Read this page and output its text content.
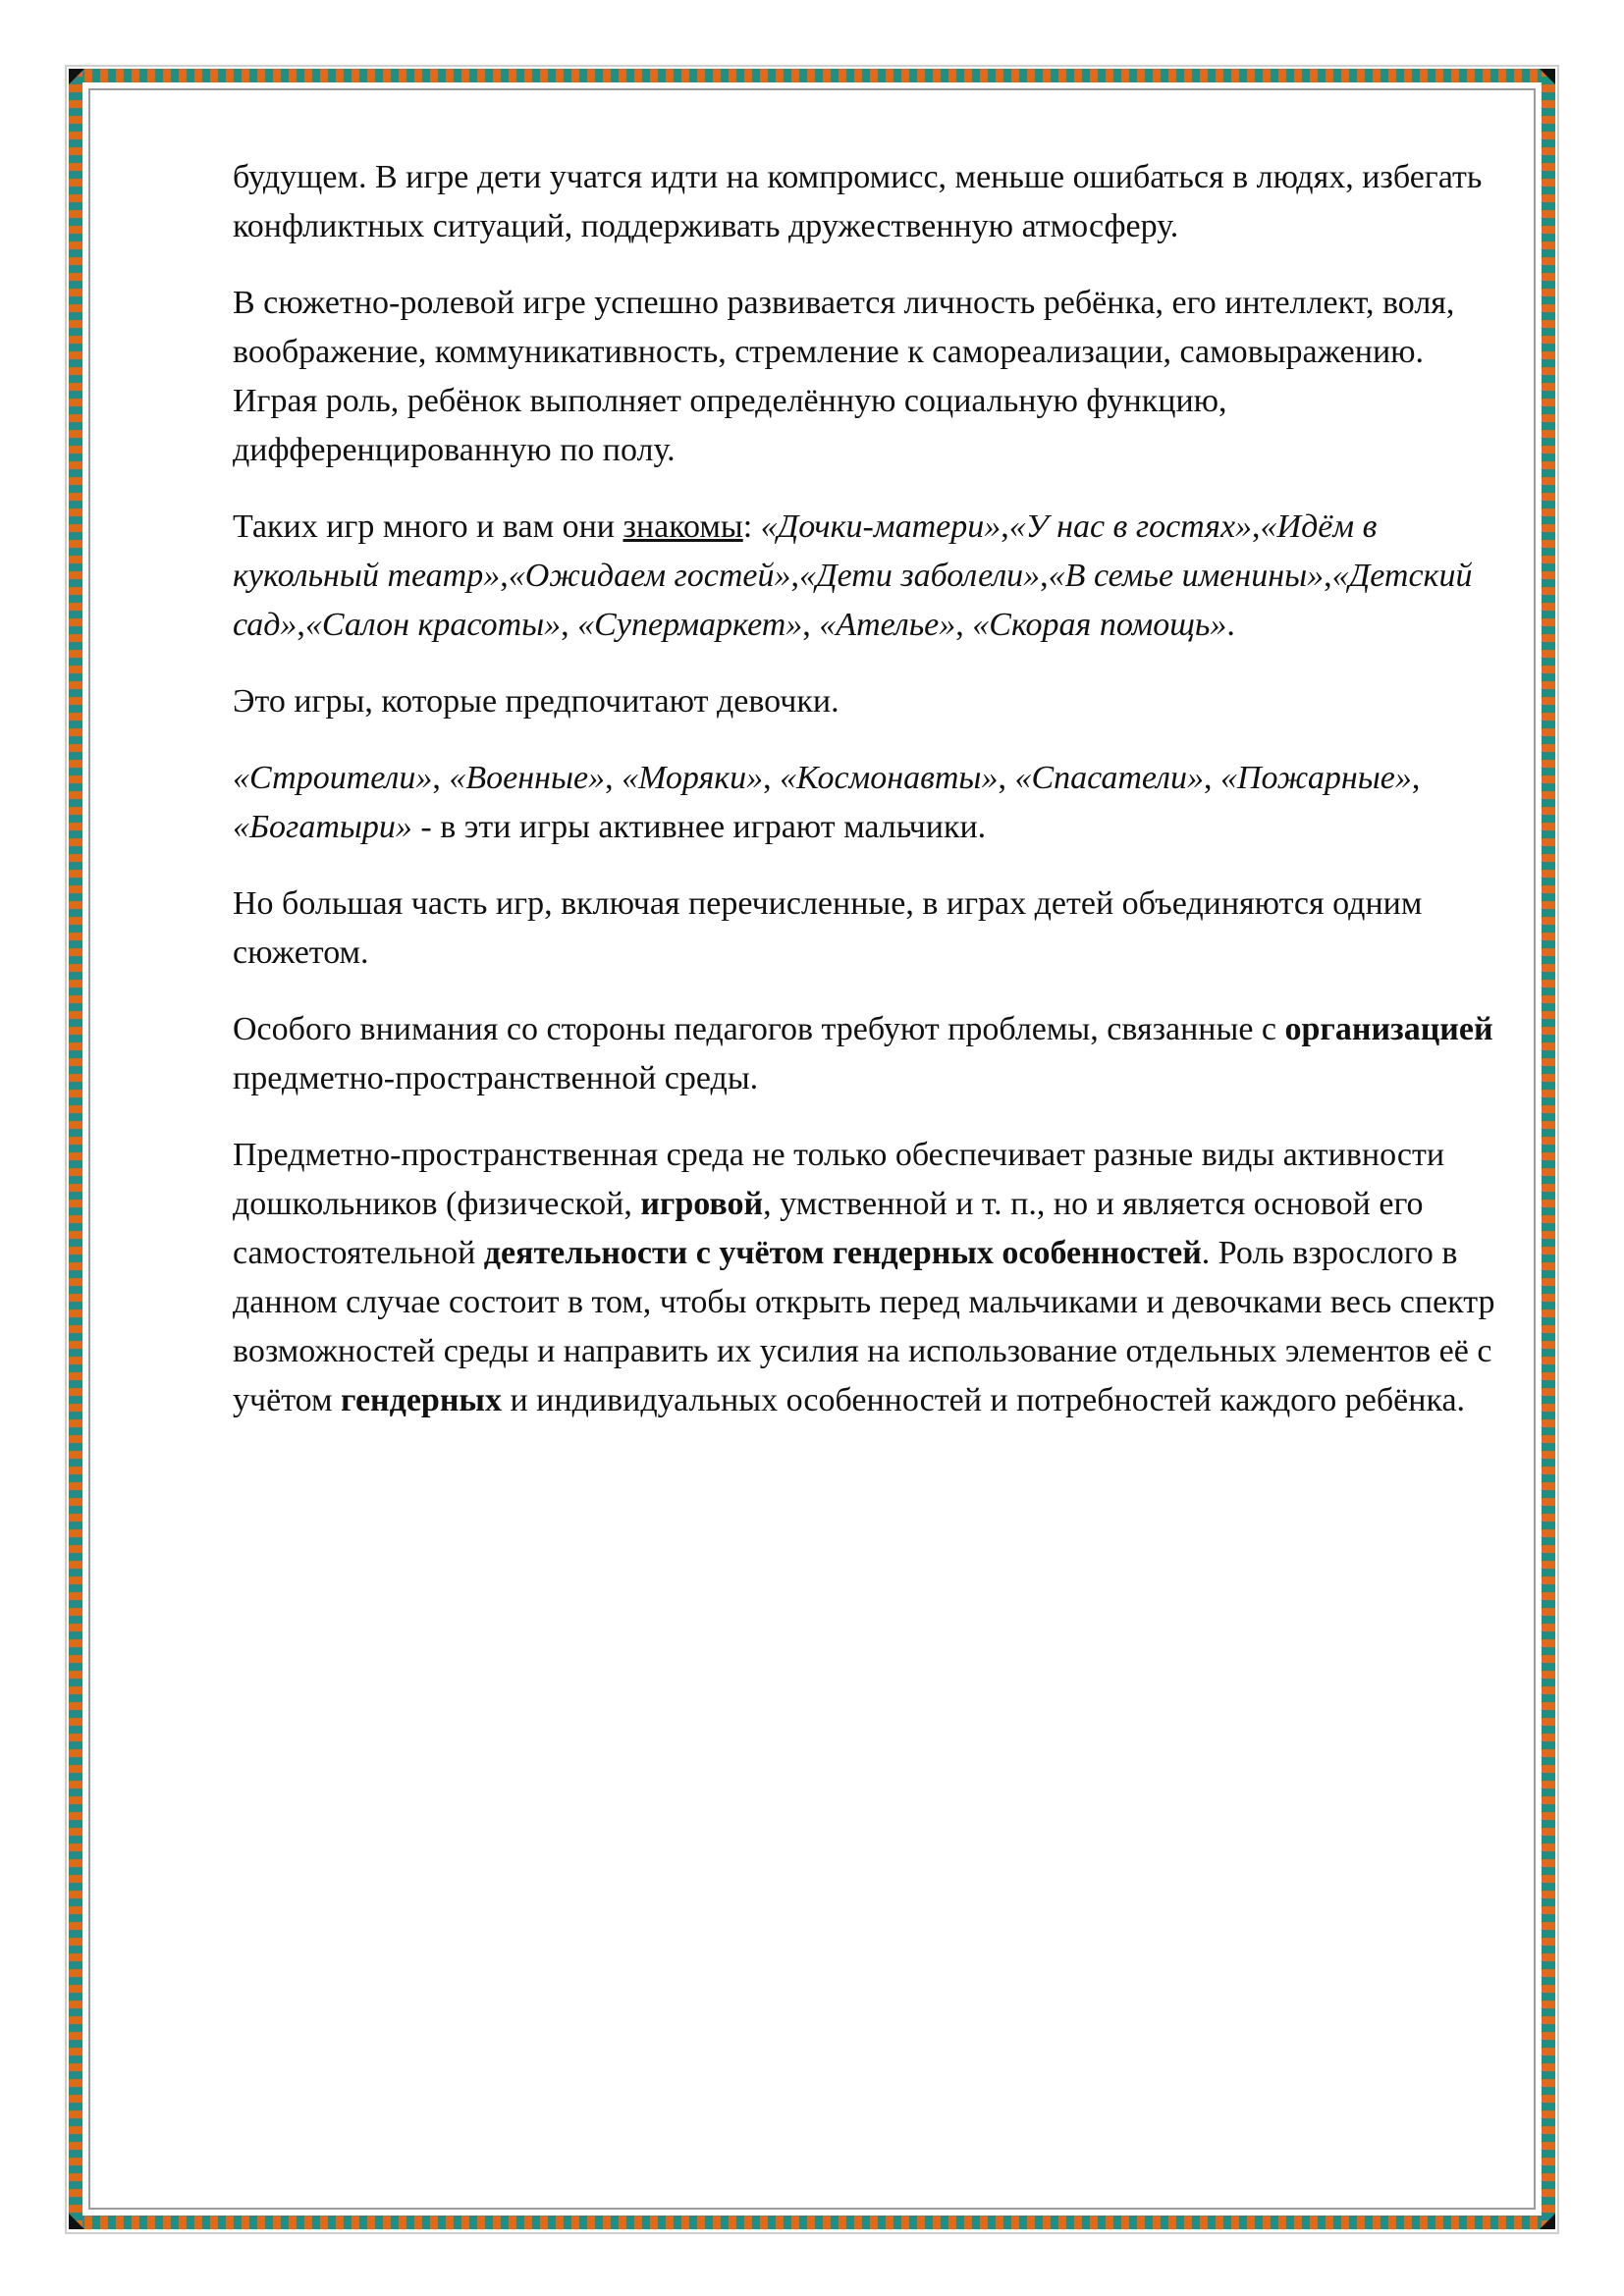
будущем. В игре дети учатся идти на компромисс, меньше ошибаться в людях, избегать конфликтных ситуаций, поддерживать дружественную атмосферу.

В сюжетно-ролевой игре успешно развивается личность ребёнка, его интеллект, воля, воображение, коммуникативность, стремление к самореализации, самовыражению. Играя роль, ребёнок выполняет определённую социальную функцию, дифференцированную по полу.

Таких игр много и вам они знакомы: «Дочки-матери»,«У нас в гостях»,«Идём в кукольный театр»,«Ожидаем гостей»,«Дети заболели»,«В семье именины»,«Детский сад»,«Салон красоты», «Супермаркет», «Ателье», «Скорая помощь».

Это игры, которые предпочитают девочки.

«Строители», «Военные», «Моряки», «Космонавты», «Спасатели», «Пожарные», «Богатыри» - в эти игры активнее играют мальчики.

Но большая часть игр, включая перечисленные, в играх детей объединяются одним сюжетом.

Особого внимания со стороны педагогов требуют проблемы, связанные с организацией предметно-пространственной среды.

Предметно-пространственная среда не только обеспечивает разные виды активности дошкольников (физической, игровой, умственной и т. п., но и является основой его самостоятельной деятельности с учётом гендерных особенностей. Роль взрослого в данном случае состоит в том, чтобы открыть перед мальчиками и девочками весь спектр возможностей среды и направить их усилия на использование отдельных элементов её с учётом гендерных и индивидуальных особенностей и потребностей каждого ребёнка.
